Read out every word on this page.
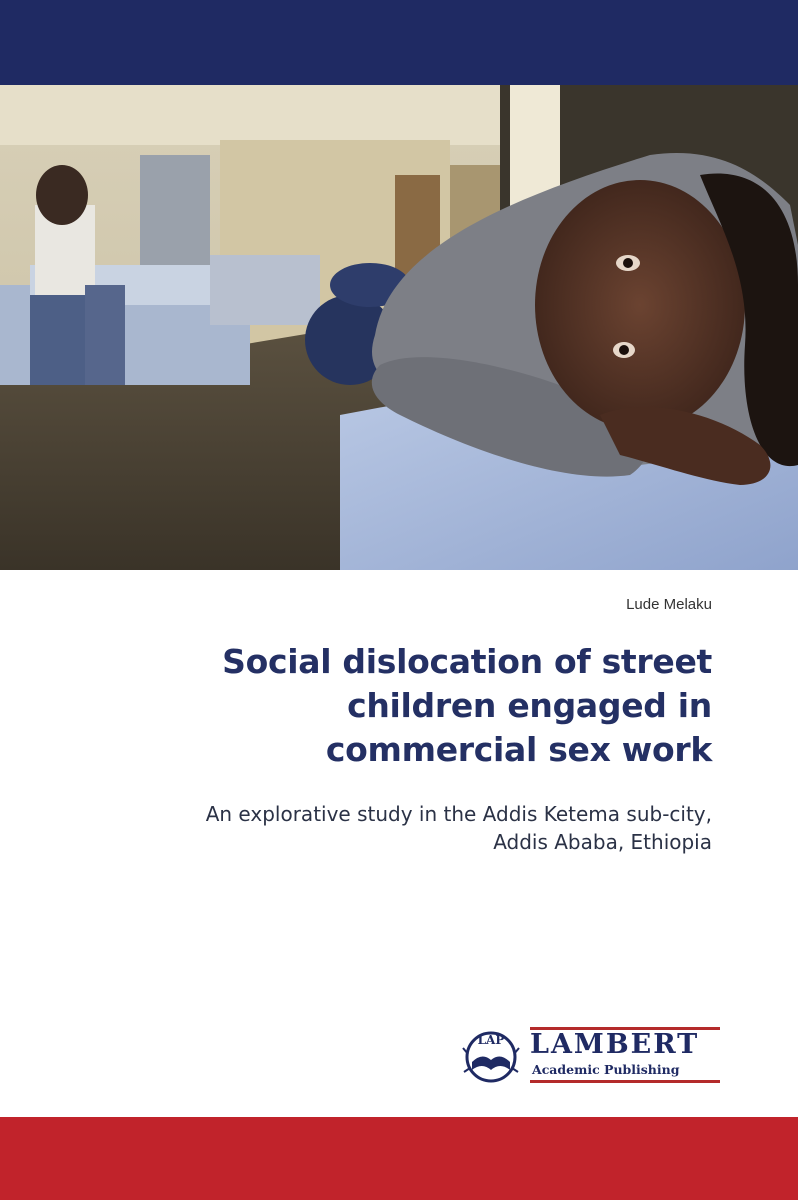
Lude Melaku
Social dislocation of street
children engaged in
commercial sex work
An explorative study in the Addis Ketema sub-city,
Addis Ababa, Ethiopia
LAP LAMBERT
Academic Publishing
